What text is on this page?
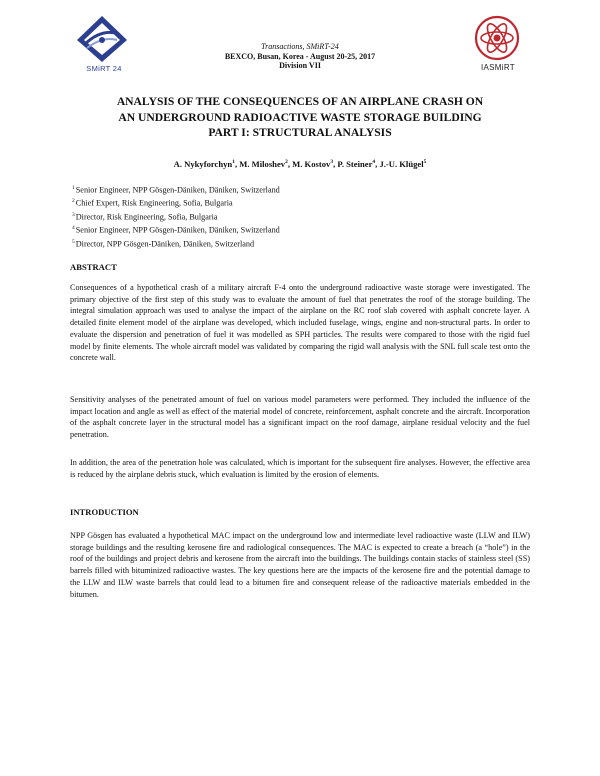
SMiRT 24	IASMiRT
Transactions, SMiRT-24
BEXCO, Busan, Korea - August 20-25, 2017
Division VII
ANALYSIS OF THE CONSEQUENCES OF AN AIRPLANE CRASH ON
AN UNDERGROUND RADIOACTIVE WASTE STORAGE BUILDING
PART I: STRUCTURAL ANALYSIS
A. Nykyforchyn$^1$, M. Miloshev$^2$, M. Kostov$^3$, P. Steiner$^4$, J.-U. Klügel$^5$
$^1$Senior Engineer, NPP Gösgen-Däniken, Däniken, Switzerland
$^2$Chief Expert, Risk Engineering, Sofia, Bulgaria
$^3$Director, Risk Engineering, Sofia, Bulgaria
$^4$Senior Engineer, NPP Gösgen-Däniken, Däniken, Switzerland
$^5$Director, NPP Gösgen-Däniken, Däniken, Switzerland
ABSTRACT

Consequences of a hypothetical crash of a military aircraft F-4 onto the underground radioactive waste storage were investigated. The primary objective of the first step of this study was to evaluate the amount of fuel that penetrates the roof of the storage building. The integral simulation approach was used to analyse the impact of the airplane on the RC roof slab covered with asphalt concrete layer. A detailed finite element model of the airplane was developed, which included fuselage, wings, engine and non-structural parts. In order to evaluate the dispersion and penetration of fuel it was modelled as SPH particles. The results were compared to those with the rigid fuel model by finite elements. The whole aircraft model was validated by comparing the rigid wall analysis with the SNL full scale test onto the concrete wall.

Sensitivity analyses of the penetrated amount of fuel on various model parameters were performed. They included the influence of the impact location and angle as well as effect of the material model of concrete, reinforcement, asphalt concrete and the aircraft. Incorporation of the asphalt concrete layer in the structural model has a significant impact on the roof damage, airplane residual velocity and the fuel penetration.

In addition, the area of the penetration hole was calculated, which is important for the subsequent fire analyses. However, the effective area is reduced by the airplane debris stuck, which evaluation is limited by the erosion of elements.

INTRODUCTION

NPP Gösgen has evaluated a hypothetical MAC impact on the underground low and intermediate level radioactive waste (LLW and ILW) storage buildings and the resulting kerosene fire and radiological consequences. The MAC is expected to create a breach (a “hole”) in the roof of the buildings and project debris and kerosene from the aircraft into the buildings. The buildings contain stacks of stainless steel (SS) barrels filled with bituminized radioactive wastes. The key questions here are the impacts of the kerosene fire and the potential damage to the LLW and ILW waste barrels that could lead to a bitumen fire and consequent release of the radioactive materials embedded in the bitumen.
